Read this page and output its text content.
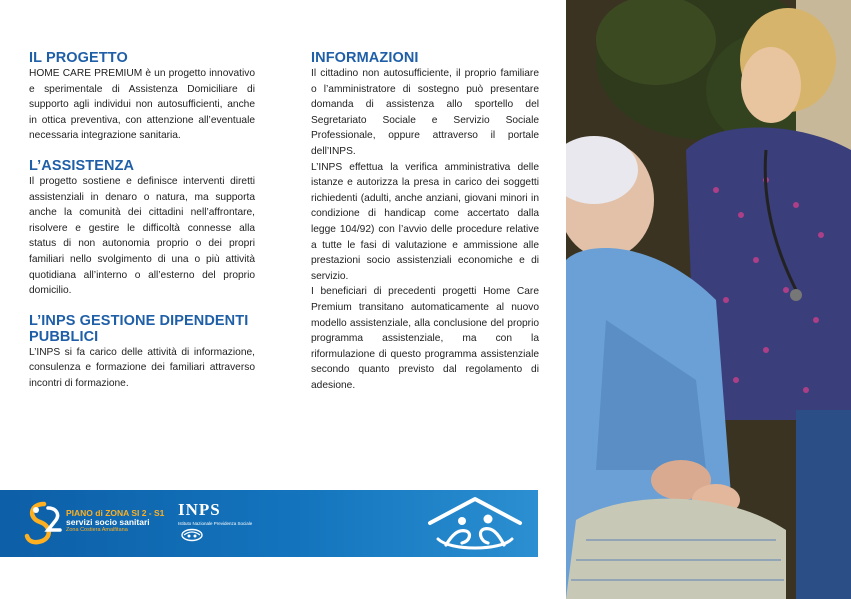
IL PROGETTO

HOME CARE PREMIUM è un progetto innovativo e sperimentale di Assistenza Domiciliare di supporto agli individui non autosufficienti, anche in ottica preventiva, con attenzione all’eventuale necessaria integrazione sanitaria.

L’ASSISTENZA

Il progetto sostiene e definisce interventi diretti assistenziali in denaro o natura, ma supporta anche la comunità dei cittadini nell’affrontare, risolvere e gestire le difficoltà connesse alla status di non autonomia proprio o dei propri familiari nello svolgimento di una o più attività quotidiana all’interno o all’esterno del proprio domicilio.

L’INPS GESTIONE DIPENDENTI PUBBLICI

L’INPS si fa carico delle attività di informazione, consulenza e formazione dei familiari attraverso incontri di formazione.

INFORMAZIONI

Il cittadino non autosufficiente, il proprio familiare o l’amministratore di sostegno può presentare domanda di assistenza allo sportello del Segretariato Sociale e Servizio Sociale Professionale, oppure attraverso il portale dell’INPS.

L’INPS effettua la verifica amministrativa delle istanze e autorizza la presa in carico dei soggetti richiedenti (adulti, anche anziani, giovani minori in condizione di handicap come accertato dalla legge 104/92) con l’avvio delle procedure relative a tutte le fasi di valutazione e ammissione alle prestazioni socio assistenziali economiche e di servizio.

I beneficiari di precedenti progetti Home Care Premium transitano automaticamente al nuovo modello assistenziale, alla conclusione del proprio programma assistenziale, ma con la riformulazione di questo programma assistenziale secondo quanto previsto dal regolamento di adesione.

PIANO di ZONA SI 2 - S1
servizi socio sanitari
Zona Costiera Amalfitana
INPS
Istituto Nazionale Previdenza Sociale
